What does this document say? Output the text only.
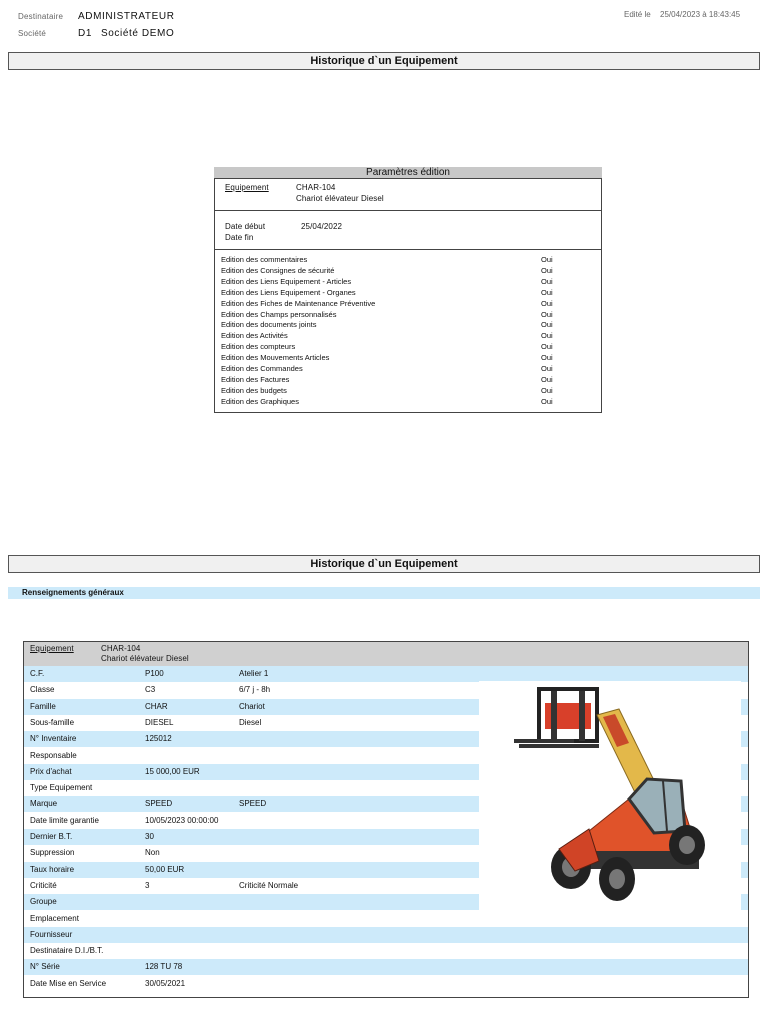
Destinataire ADMINISTRATEUR
Société	D1 Société DEMO
Edité le 25/04/2023 à 18:43:45
Historique d`un Equipement
Paramètres édition
Equipement	CHAR-104
Chariot élévateur Diesel
Date début	25/04/2022
Date fin
Edition des commentaires	Oui
Edition des Consignes de sécurité	Oui
Edition des Liens Equipement - Articles	Oui
Edition des Liens Equipement - Organes	Oui
Edition des Fiches de Maintenance Préventive	Oui
Edition des Champs personnalisés	Oui
Edition des documents joints	Oui
Edition des Activités	Oui
Edition des compteurs	Oui
Edition des Mouvements Articles	Oui
Edition des Commandes	Oui
Edition des Factures	Oui
Edition des budgets	Oui
Edition des Graphiques	Oui
Historique d`un Equipement
Renseignements généraux
Equipement	CHAR-104
Chariot élévateur Diesel
C.F.	P100	Atelier 1
Classe	C3	6/7 j - 8h
Famille	CHAR	Chariot
Sous-famille	DIESEL	Diesel
N° Inventaire	125012
Responsable
Prix d'achat	15 000,00 EUR
Type Equipement
Marque	SPEED	SPEED
Date limite garantie	10/05/2023 00:00:00
Dernier B.T.	30
Suppression	Non
Taux horaire	50,00 EUR
Criticité	3	Criticité Normale
Groupe
Emplacement
Fournisseur
Destinataire D.I./B.T.
N° Série	128 TU 78
Date Mise en Service	30/05/2021
